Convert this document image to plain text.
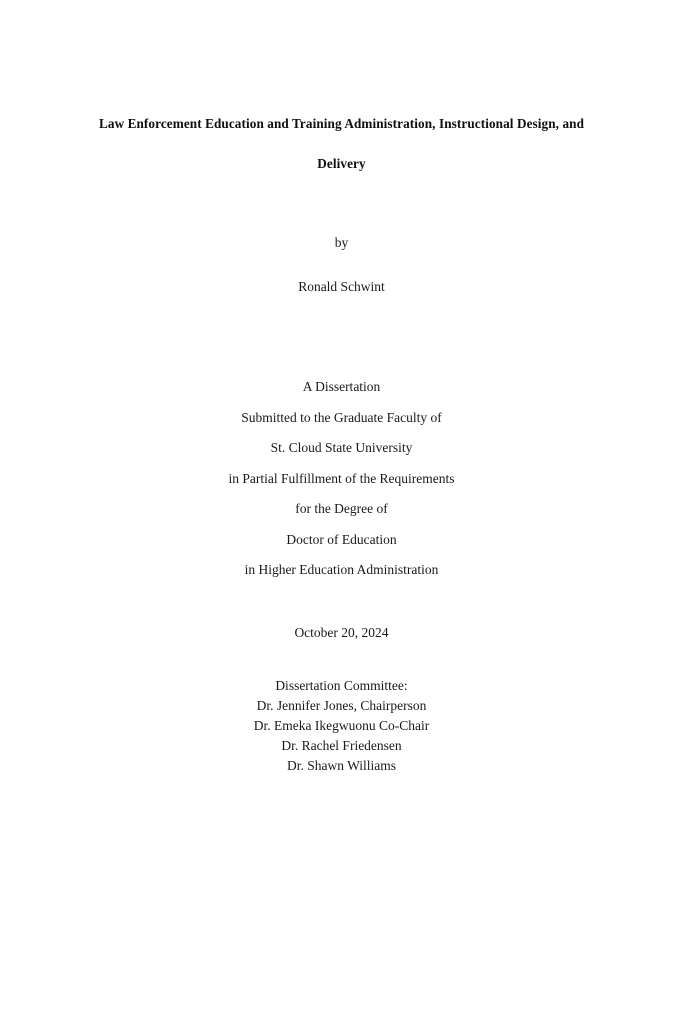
Law Enforcement Education and Training Administration, Instructional Design, and
Delivery
by
Ronald Schwint
A Dissertation
Submitted to the Graduate Faculty of
St. Cloud State University
in Partial Fulfillment of the Requirements
for the Degree of
Doctor of Education
in Higher Education Administration
October 20, 2024
Dissertation Committee:
Dr. Jennifer Jones, Chairperson
Dr. Emeka Ikegwuonu Co-Chair
Dr. Rachel Friedensen
Dr. Shawn Williams
